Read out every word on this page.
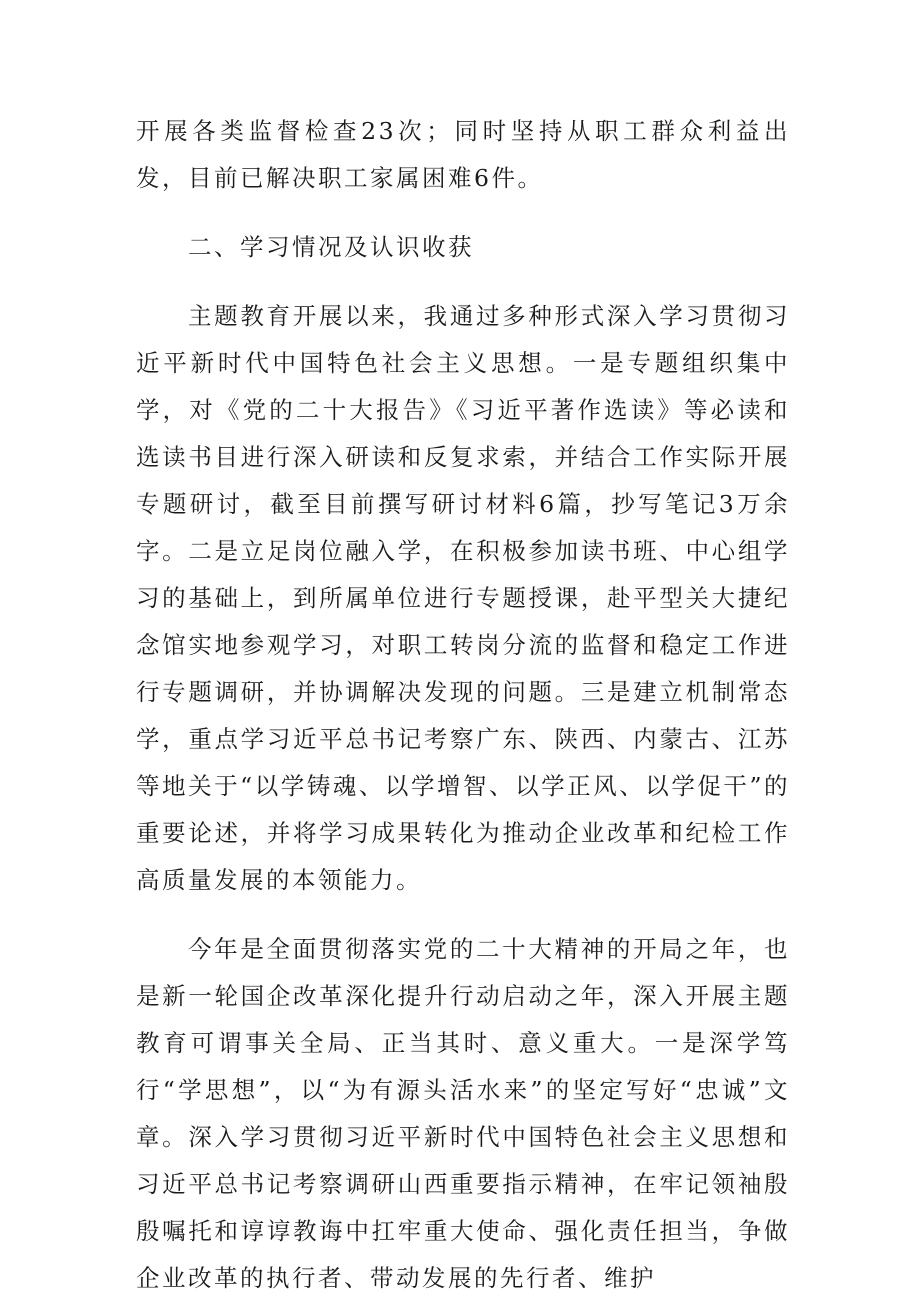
开展各类监督检查23次；同时坚持从职工群众利益出发，目前已解决职工家属困难6件。

二、学习情况及认识收获

主题教育开展以来，我通过多种形式深入学习贯彻习近平新时代中国特色社会主义思想。一是专题组织集中学，对《党的二十大报告》《习近平著作选读》等必读和选读书目进行深入研读和反复求索，并结合工作实际开展专题研讨，截至目前撰写研讨材料6篇，抄写笔记3万余字。二是立足岗位融入学，在积极参加读书班、中心组学习的基础上，到所属单位进行专题授课，赴平型关大捷纪念馆实地参观学习，对职工转岗分流的监督和稳定工作进行专题调研，并协调解决发现的问题。三是建立机制常态学，重点学习近平总书记考察广东、陕西、内蒙古、江苏等地关于“以学铸魂、以学增智、以学正风、以学促干”的重要论述，并将学习成果转化为推动企业改革和纪检工作高质量发展的本领能力。

今年是全面贯彻落实党的二十大精神的开局之年，也是新一轮国企改革深化提升行动启动之年，深入开展主题教育可谓事关全局、正当其时、意义重大。一是深学笃行“学思想”，以“为有源头活水来”的坚定写好“忠诚”文章。深入学习贯彻习近平新时代中国特色社会主义思想和习近平总书记考察调研山西重要指示精神，在牢记领袖殷殷嘱托和谆谆教诲中扛牢重大使命、强化责任担当，争做企业改革的执行者、带动发展的先行者、维护
